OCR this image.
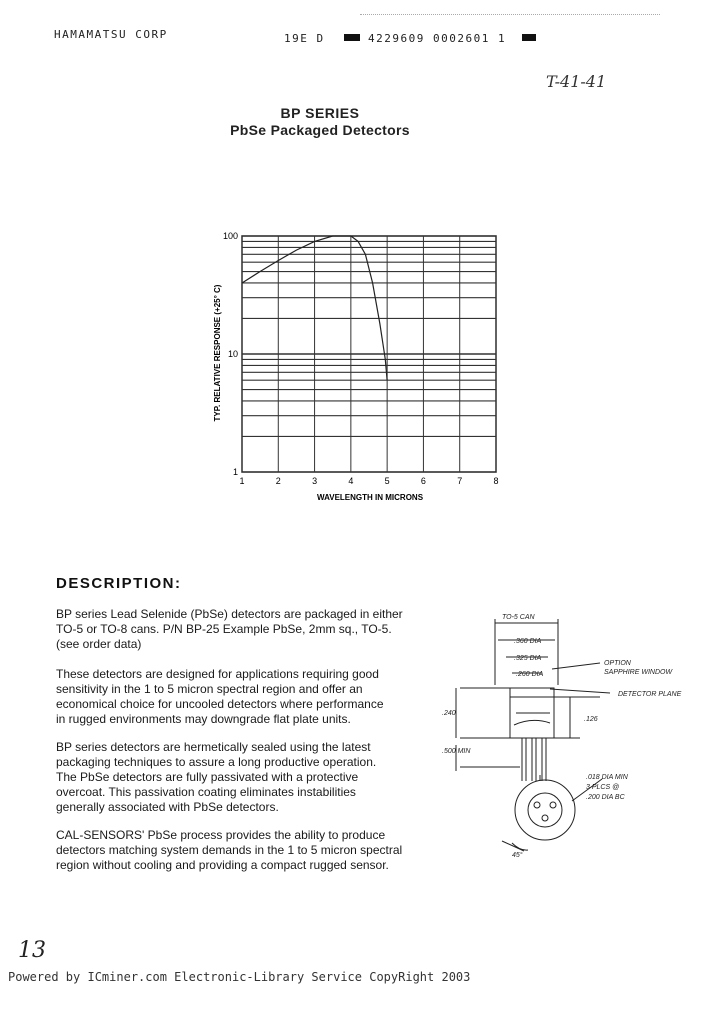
HAMAMATSU CORP	19E D	4229609 0002601 1
T-41-41
BP SERIES
PbSe Packaged Detectors
1	2	3	4	5	6	7	8
1
10
100
WAVELENGTH IN MICRONS
TYP. RELATIVE RESPONSE (+25° C)
DESCRIPTION:
BP series Lead Selenide (PbSe) detectors are packaged in either
TO-5 or TO-8 cans. P/N BP-25 Example PbSe, 2mm sq., TO-5.
(see order data)
These detectors are designed for applications requiring good
sensitivity in the 1 to 5 micron spectral region and offer an
economical choice for uncooled detectors where performance
in rugged environments may downgrade flat plate units.
BP series detectors are hermetically sealed using the latest
packaging techniques to assure a long productive operation.
The PbSe detectors are fully passivated with a protective
overcoat. This passivation coating eliminates instabilities
generally associated with PbSe detectors.
CAL-SENSORS' PbSe process provides the ability to produce
detectors matching system demands in the 1 to 5 micron spectral
region without cooling and providing a compact rugged sensor.
TO-5 CAN
.360 DIA
.325 DIA
.260 DIA
OPTION
SAPPHIRE WINDOW
DETECTOR PLANE
.240
.126
.500 MIN
.018 DIA MIN
3 PLCS @
.200 DIA BC
45°
13
Powered by ICminer.com Electronic-Library Service CopyRight 2003
